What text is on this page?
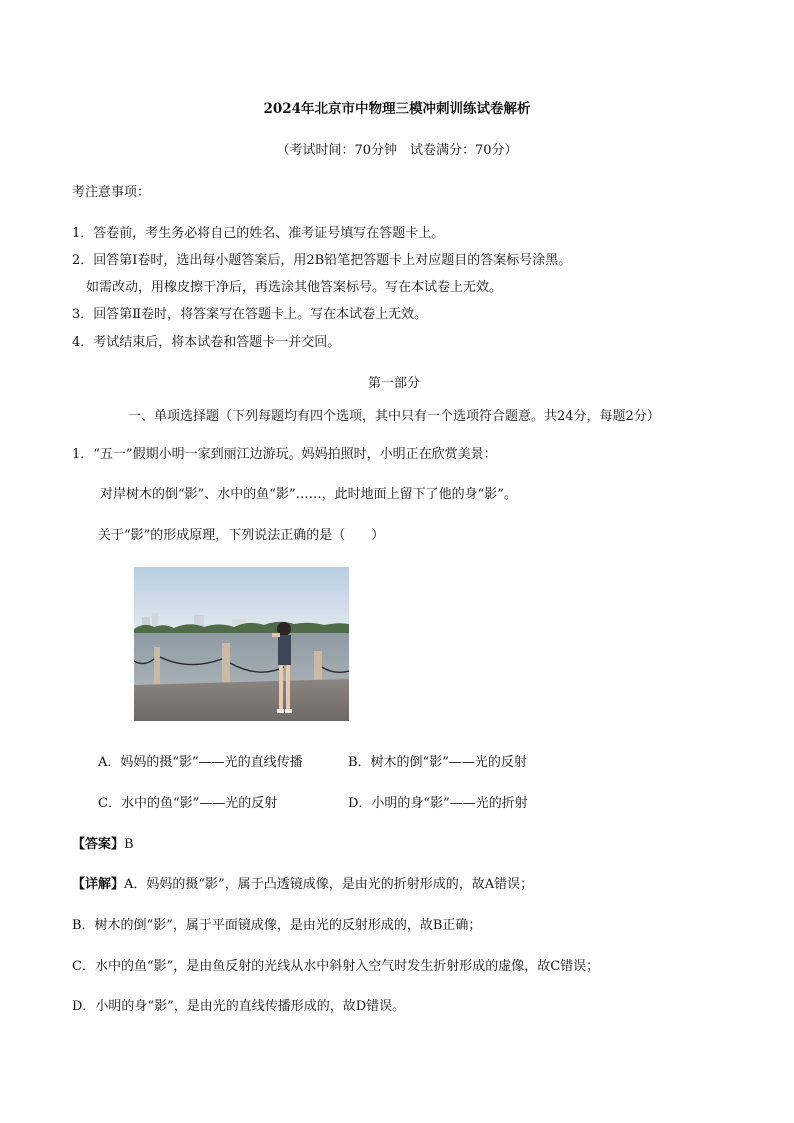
2024年北京市中物理三模冲刺训练试卷解析
（考试时间：70分钟　试卷满分：70分）
考注意事项：
1．答卷前，考生务必将自己的姓名、准考证号填写在答题卡上。
2．回答第Ⅰ卷时，选出每小题答案后，用2B铅笔把答题卡上对应题目的答案标号涂黑。
如需改动，用橡皮擦干净后，再选涂其他答案标号。写在本试卷上无效。
3．回答第Ⅱ卷时，将答案写在答题卡上。写在本试卷上无效。
4．考试结束后，将本试卷和答题卡一并交回。
第一部分
一、单项选择题（下列每题均有四个选项，其中只有一个选项符合题意。共24分，每题2分）
1．“五一”假期小明一家到丽江边游玩。妈妈拍照时，小明正在欣赏美景：
对岸树木的倒“影”、水中的鱼“影”……，此时地面上留下了他的身“影”。
关于“影”的形成原理，下列说法正确的是（　　）
A．妈妈的摄“影”——光的直线传播	B．树木的倒“影”——光的反射
C．水中的鱼“影”——光的反射	D．小明的身“影”——光的折射
【答案】B
【详解】A．妈妈的摄“影”，属于凸透镜成像，是由光的折射形成的，故A错误；
B．树木的倒“影”，属于平面镜成像，是由光的反射形成的，故B正确；
C．水中的鱼“影”，是由鱼反射的光线从水中斜射入空气时发生折射形成的虚像，故C错误；
D．小明的身“影”，是由光的直线传播形成的，故D错误。
